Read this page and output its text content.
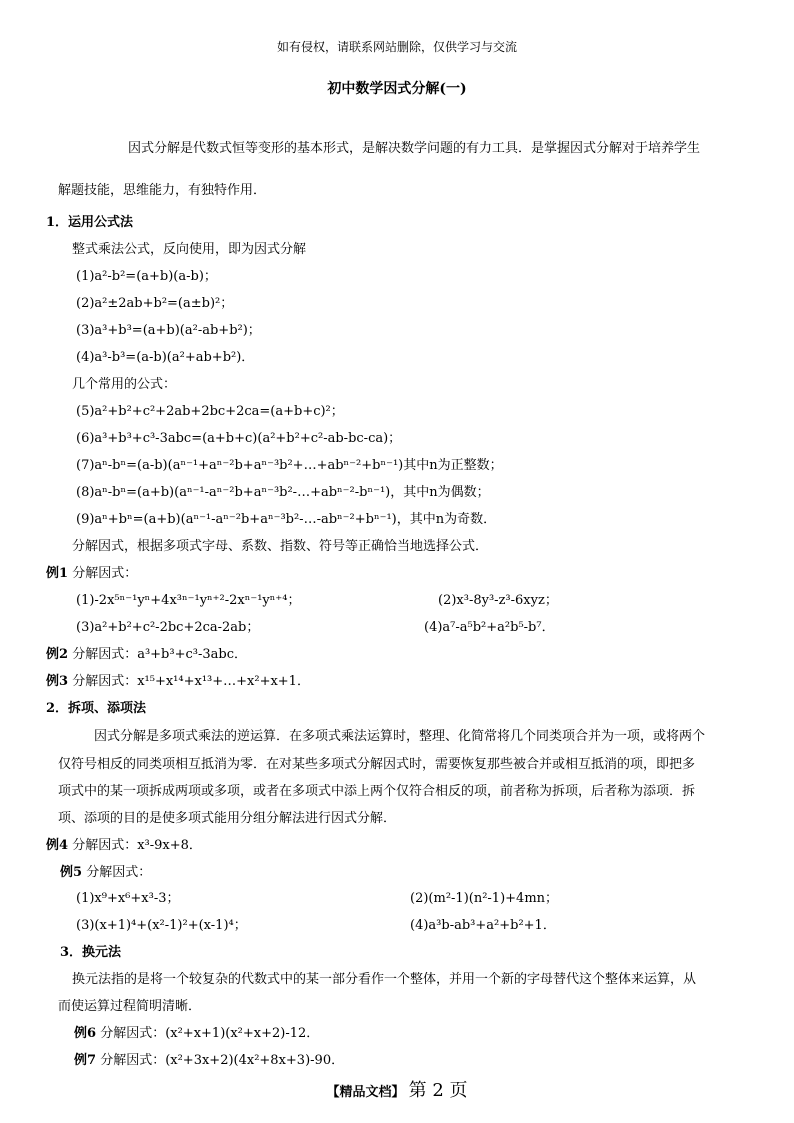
如有侵权，请联系网站删除，仅供学习与交流
初中数学因式分解(一)
因式分解是代数式恒等变形的基本形式，是解决数学问题的有力工具．是掌握因式分解对于培养学生
解题技能，思维能力，有独特作用．
1．运用公式法
整式乘法公式，反向使用，即为因式分解
(1)a²-b²=(a+b)(a-b)；
(2)a²±2ab+b²=(a±b)²；
(3)a³+b³=(a+b)(a²-ab+b²)；
(4)a³-b³=(a-b)(a²+ab+b²)．
几个常用的公式：
(5)a²+b²+c²+2ab+2bc+2ca=(a+b+c)²；
(6)a³+b³+c³-3abc=(a+b+c)(a²+b²+c²-ab-bc-ca)；
(7)aⁿ-bⁿ=(a-b)(aⁿ⁻¹+aⁿ⁻²b+aⁿ⁻³b²+…+abⁿ⁻²+bⁿ⁻¹)其中n为正整数；
(8)aⁿ-bⁿ=(a+b)(aⁿ⁻¹-aⁿ⁻²b+aⁿ⁻³b²-…+abⁿ⁻²-bⁿ⁻¹)，其中n为偶数；
(9)aⁿ+bⁿ=(a+b)(aⁿ⁻¹-aⁿ⁻²b+aⁿ⁻³b²-…-abⁿ⁻²+bⁿ⁻¹)，其中n为奇数．
分解因式，根据多项式字母、系数、指数、符号等正确恰当地选择公式．
例1 分解因式：
(1)-2x⁵ⁿ⁻¹yⁿ+4x³ⁿ⁻¹yⁿ⁺²-2xⁿ⁻¹yⁿ⁺⁴；	(2)x³-8y³-z³-6xyz；
(3)a²+b²+c²-2bc+2ca-2ab；	(4)a⁷-a⁵b²+a²b⁵-b⁷．
例2 分解因式：a³+b³+c³-3abc．
例3 分解因式：x¹⁵+x¹⁴+x¹³+…+x²+x+1．
2．拆项、添项法
因式分解是多项式乘法的逆运算．在多项式乘法运算时，整理、化简常将几个同类项合并为一项，或将两个
仅符号相反的同类项相互抵消为零．在对某些多项式分解因式时，需要恢复那些被合并或相互抵消的项，即把多
项式中的某一项拆成两项或多项，或者在多项式中添上两个仅符合相反的项，前者称为拆项，后者称为添项．拆
项、添项的目的是使多项式能用分组分解法进行因式分解．
例4 分解因式：x³-9x+8．
例5 分解因式：
(1)x⁹+x⁶+x³-3；	(2)(m²-1)(n²-1)+4mn；
(3)(x+1)⁴+(x²-1)²+(x-1)⁴；	(4)a³b-ab³+a²+b²+1．
3．换元法
换元法指的是将一个较复杂的代数式中的某一部分看作一个整体，并用一个新的字母替代这个整体来运算，从
而使运算过程简明清晰．
例6 分解因式：(x²+x+1)(x²+x+2)-12．
例7 分解因式：(x²+3x+2)(4x²+8x+3)-90．
【精品文档】 第 2 页
